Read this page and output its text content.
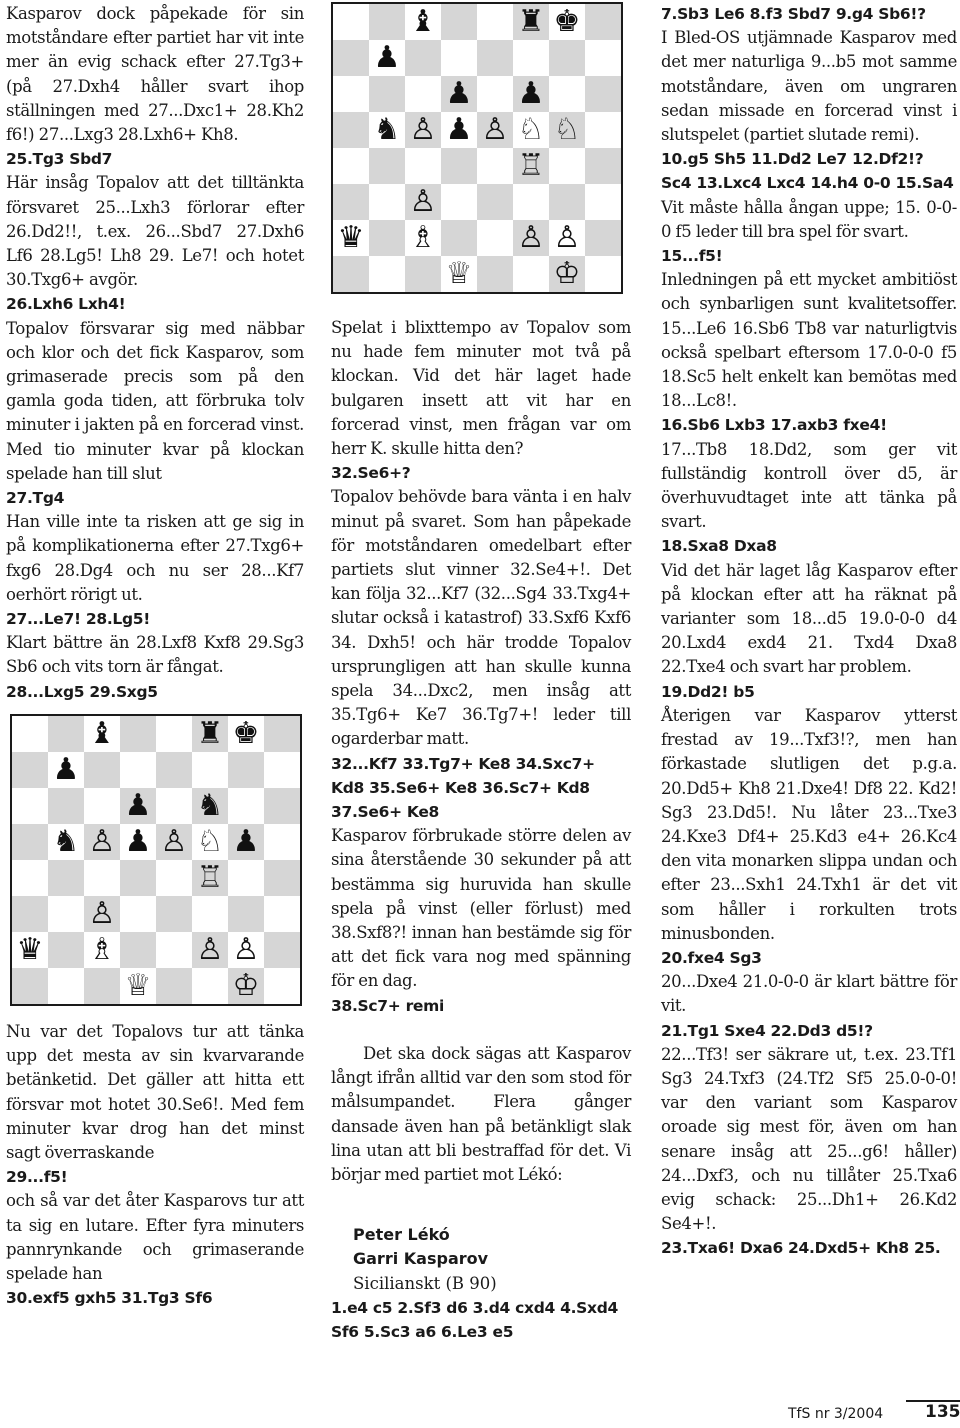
Kasparov dock påpekade för sin motståndare efter partiet har vit inte mer än evig schack efter 27.Tg3+ (på 27.Dxh4 håller svart ihop ställningen med 27...Dxc1+ 28.Kh2 f6!) 27...Lxg3 28.Lxh6+ Kh8.

25.Tg3 Sbd7

Här insåg Topalov att det tilltänkta försvaret 25...Lxh3 förlorar efter 26.Dd2!!, t.ex. 26...Sbd7 27.Dxh6 Lf6 28.Lg5! Lh8 29. Le7! och hotet 30.Txg6+ avgör.

26.Lxh6 Lxh4!

Topalov försvarar sig med näbbar och klor och det fick Kasparov, som grimaserade precis som på den gamla goda tiden, att förbruka tolv minuter i jakten på en forcerad vinst. Med tio minuter kvar på klockan spelade han till slut

27.Tg4

Han ville inte ta risken att ge sig in på komplikationerna efter 27.Txg6+ fxg6 28.Dg4 och nu ser 28...Kf7 oerhört rörigt ut.

27...Le7! 28.Lg5!

Klart bättre än 28.Lxf8 Kxf8 29.Sg3 Sb6 och vits torn är fångat.

28...Lxg5 29.Sxg5

♝	♜ ♚
♟
♟ ♞
♞ ♙ ♟ ♙ ♘ ♟
♖
♙
♛ ♗	♙ ♙
♕	♔

Nu var det Topalovs tur att tänka upp det mesta av sin kvarvarande betänketid. Det gäller att hitta ett försvar mot hotet 30.Se6!. Med fem minuter kvar drog han det minst sagt överraskande

29...f5!

och så var det åter Kasparovs tur att ta sig en lutare. Efter fyra minuters pannrynkande och grimaserande spelade han

30.exf5 gxh5 31.Tg3 Sf6

♝	♜ ♚
♟
♟ ♟
♞ ♙ ♟ ♙ ♘ ♘
♖
♙
♛ ♗	♙ ♙
♕	♔

Spelat i blixttempo av Topalov som nu hade fem minuter mot två på klockan. Vid det här laget hade bulgaren insett att vit har en forcerad vinst, men frågan var om herr K. skulle hitta den?

32.Se6+?

Topalov behövde bara vänta i en halv minut på svaret. Som han påpekade för motståndaren omedelbart efter partiets slut vinner 32.Se4+!. Det kan följa 32...Kf7 (32...Sg4 33.Txg4+ slutar också i katastrof) 33.Sxf6 Kxf6 34. Dxh5! och här trodde Topalov ursprungligen att han skulle kunna spela 34...Dxc2, men insåg att 35.Tg6+ Ke7 36.Tg7+! leder till ogarderbar matt.

32...Kf7 33.Tg7+ Ke8 34.Sxc7+ Kd8 35.Se6+ Ke8 36.Sc7+ Kd8 37.Se6+ Ke8

Kasparov förbrukade större delen av sina återstående 30 sekunder på att bestämma sig huruvida han skulle spela på vinst (eller förlust) med 38.Sxf8?! innan han bestämde sig för att det fick vara nog med spänning för en dag.

38.Sc7+ remi

Det ska dock sägas att Kasparov långt ifrån alltid var den som stod för målsumpandet. Flera gånger dansade även han på betänkligt slak lina utan att bli bestraffad för det. Vi börjar med partiet mot Lékó:

Peter Lékó

Garri Kasparov

Sicilianskt (B 90)

1.e4 c5 2.Sf3 d6 3.d4 cxd4 4.Sxd4 Sf6 5.Sc3 a6 6.Le3 e5

7.Sb3 Le6 8.f3 Sbd7 9.g4 Sb6!?

I Bled-OS utjämnade Kasparov med det mer naturliga 9...b5 mot samme motståndare, även om ungraren sedan missade en forcerad vinst i slutspelet (partiet slutade remi).

10.g5 Sh5 11.Dd2 Le7 12.Df2!? Sc4 13.Lxc4 Lxc4 14.h4 0-0 15.Sa4

Vit måste hålla ångan uppe; 15. 0-0-0 f5 leder till bra spel för svart.

15...f5!

Inledningen på ett mycket ambitiöst och synbarligen sunt kvalitetsoffer. 15...Le6 16.Sb6 Tb8 var naturligtvis också spelbart eftersom 17.0-0-0 f5 18.Sc5 helt enkelt kan bemötas med 18...Lc8!.

16.Sb6 Lxb3 17.axb3 fxe4!

17...Tb8 18.Dd2, som ger vit fullständig kontroll över d5, är överhuvudtaget inte att tänka på svart.

18.Sxa8 Dxa8

Vid det här laget låg Kasparov efter på klockan efter att ha räknat på varianter som 18...d5 19.0-0-0 d4 20.Lxd4 exd4 21. Txd4 Dxa8 22.Txe4 och svart har problem.

19.Dd2! b5

Återigen var Kasparov ytterst frestad av 19...Txf3!?, men han förkastade slutligen det p.g.a. 20.Dd5+ Kh8 21.Dxe4! Df8 22. Kd2! Sg3 23.Dd5!. Nu låter 23...Txe3 24.Kxe3 Df4+ 25.Kd3 e4+ 26.Kc4 den vita monarken slippa undan och efter 23...Sxh1 24.Txh1 är det vit som håller i rorkulten trots minusbonden.

20.fxe4 Sg3

20...Dxe4 21.0-0-0 är klart bättre för vit.

21.Tg1 Sxe4 22.Dd3 d5!?

22...Tf3! ser säkrare ut, t.ex. 23.Tf1 Sg3 24.Txf3 (24.Tf2 Sf5 25.0-0-0! var den variant som Kasparov oroade sig mest för, även om han senare insåg att 25...g6! håller) 24...Dxf3, och nu tillåter 25.Txa6 evig schack: 25...Dh1+ 26.Kd2 Se4+!.

23.Txa6! Dxa6 24.Dxd5+ Kh8 25.

TfS nr 3/2004 135
